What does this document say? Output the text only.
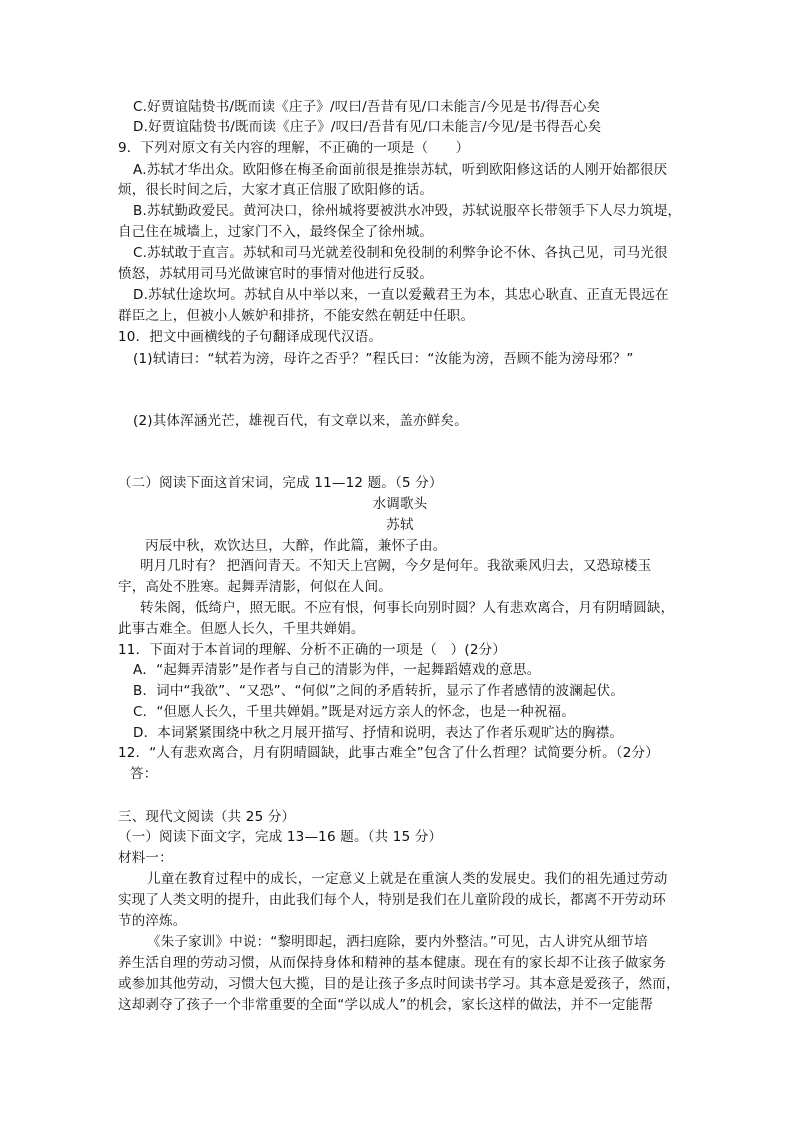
C.好贾谊陆贽书/既而读《庄子》/叹曰/吾昔有见/口未能言/今见是书/得吾心矣
D.好贾谊陆贽书/既而读《庄子》/叹曰/吾昔有见/口未能言/今见/是书得吾心矣
9．下列对原文有关内容的理解，不正确的一项是（　　）
A.苏轼才华出众。欧阳修在梅圣俞面前很是推崇苏轼，听到欧阳修这话的人刚开始都很厌
烦，很长时间之后，大家才真正信服了欧阳修的话。
B.苏轼勤政爱民。黄河决口，徐州城将要被洪水冲毁，苏轼说服卒长带领手下人尽力筑堤，
自己住在城墙上，过家门不入，最终保全了徐州城。
C.苏轼敢于直言。苏轼和司马光就差役制和免役制的利弊争论不休、各执己见，司马光很
愤怒，苏轼用司马光做谏官时的事情对他进行反驳。
D.苏轼仕途坎坷。苏轼自从中举以来，一直以爱戴君王为本，其忠心耿直、正直无畏远在
群臣之上，但被小人嫉妒和排挤，不能安然在朝廷中任职。
10．把文中画横线的子句翻译成现代汉语。
(1)轼请曰：“轼若为滂，母许之否乎？”程氏曰：“汝能为滂，吾顾不能为滂母邪？”
(2)其体浑涵光芒，雄视百代，有文章以来，盖亦鲜矣。
（二）阅读下面这首宋词，完成 11—12 题。（5 分）
水调歌头
苏轼
丙辰中秋，欢饮达旦，大醉，作此篇，兼怀子由。
明月几时有？ 把酒问青天。不知天上宫阙，今夕是何年。我欲乘风归去，又恐琼楼玉
宇，高处不胜寒。起舞弄清影，何似在人间。
转朱阁，低绮户，照无眠。不应有恨，何事长向别时圆？人有悲欢离合，月有阴晴圆缺，
此事古难全。但愿人长久，千里共婵娟。
11．下面对于本首词的理解、分析不正确的一项是（　）(2分）
A．“起舞弄清影”是作者与自己的清影为伴，一起舞蹈嬉戏的意思。
B．词中“我欲”、“又恐”、“何似”之间的矛盾转折，显示了作者感情的波澜起伏。
C．“但愿人长久，千里共婵娟。”既是对远方亲人的怀念，也是一种祝福。
D．本词紧紧围绕中秋之月展开描写、抒情和说明，表达了作者乐观旷达的胸襟。
12．“人有悲欢离合，月有阴晴圆缺，此事古难全”包含了什么哲理？试简要分析。（2分）
答：
三、现代文阅读（共 25 分）
（一）阅读下面文字，完成 13—16 题。（共 15 分）
材料一：
儿童在教育过程中的成长，一定意义上就是在重演人类的发展史。我们的祖先通过劳动
实现了人类文明的提升，由此我们每个人，特别是我们在儿童阶段的成长，都离不开劳动环
节的淬炼。
《朱子家训》中说：“黎明即起，洒扫庭除，要内外整洁。”可见，古人讲究从细节培
养生活自理的劳动习惯，从而保持身体和精神的基本健康。现在有的家长却不让孩子做家务
或参加其他劳动，习惯大包大揽，目的是让孩子多点时间读书学习。其本意是爱孩子，然而，
这却剥夺了孩子一个非常重要的全面“学以成人”的机会，家长这样的做法，并不一定能帮
